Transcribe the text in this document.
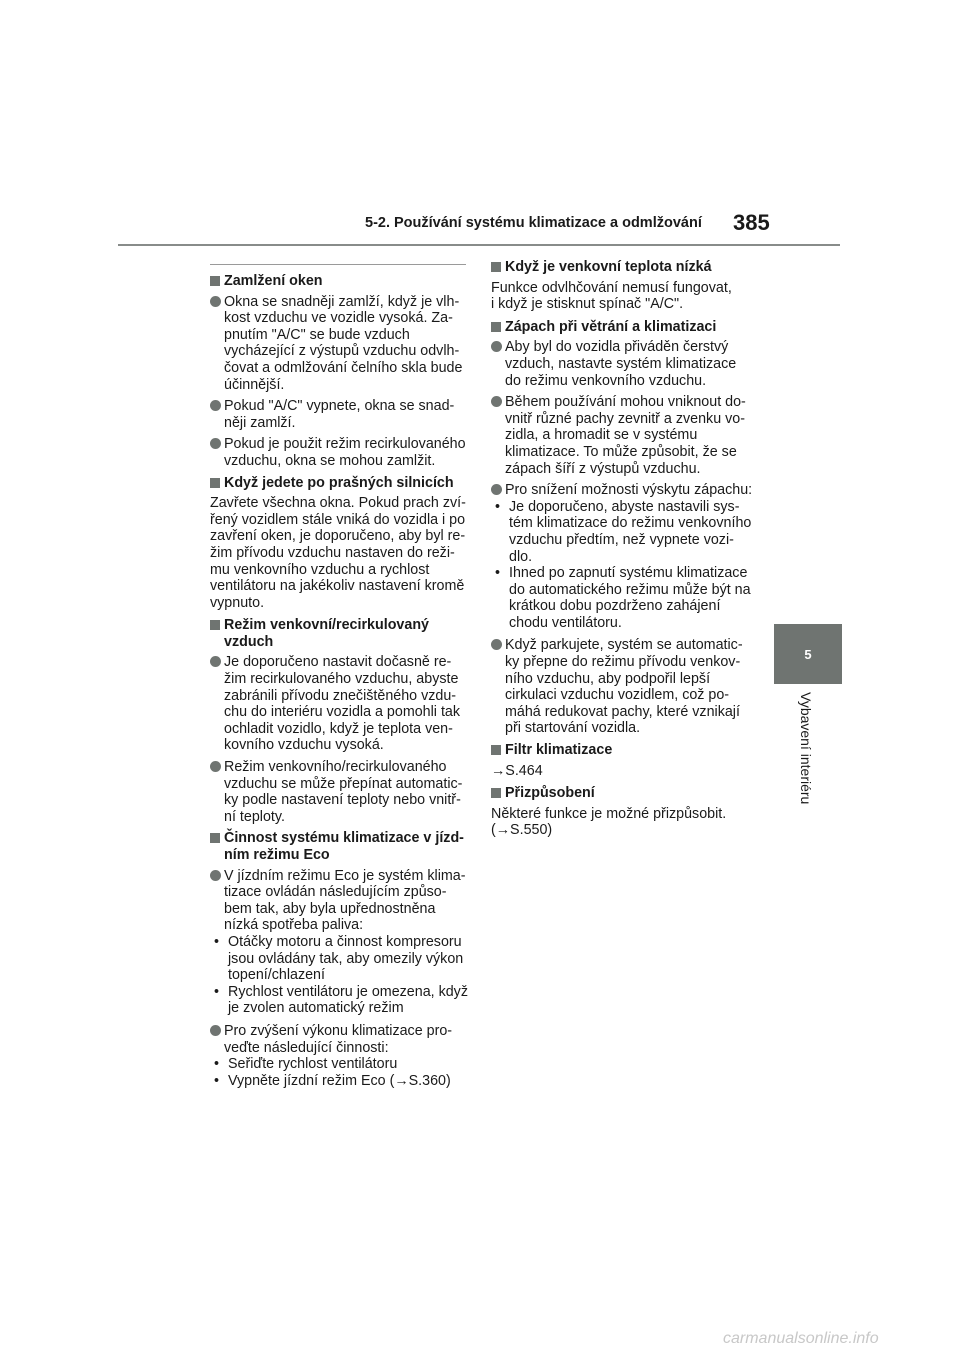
5-2. Používání systému klimatizace a odmlžování 385
Zamlžení oken
Okna se snadněji zamlží, když je vlh-
kost vzduchu ve vozidle vysoká. Za-
pnutím "A/C" se bude vzduch
vycházející z výstupů vzduchu odvlh-
čovat a odmlžování čelního skla bude
účinnější.
Pokud "A/C" vypnete, okna se snad-
něji zamlží.
Pokud je použit režim recirkulovaného
vzduchu, okna se mohou zamlžit.
Když jedete po prašných silnicích
Zavřete všechna okna. Pokud prach zví-
řený vozidlem stále vniká do vozidla i po
zavření oken, je doporučeno, aby byl re-
žim přívodu vzduchu nastaven do reži-
mu venkovního vzduchu a rychlost
ventilátoru na jakékoliv nastavení kromě
vypnuto.
Režim venkovní/recirkulovaný
vzduch
Je doporučeno nastavit dočasně re-
žim recirkulovaného vzduchu, abyste
zabránili přívodu znečištěného vzdu-
chu do interiéru vozidla a pomohli tak
ochladit vozidlo, když je teplota ven-
kovního vzduchu vysoká.
Režim venkovního/recirkulovaného
vzduchu se může přepínat automatic-
ky podle nastavení teploty nebo vnitř-
ní teploty.
Činnost systému klimatizace v jízd-
ním režimu Eco
V jízdním režimu Eco je systém klima-
tizace ovládán následujícím způso-
bem tak, aby byla upřednostněna
nízká spotřeba paliva:
• Otáčky motoru a činnost kompresoru
jsou ovládány tak, aby omezily výkon
topení/chlazení
• Rychlost ventilátoru je omezena, když
je zvolen automatický režim
Pro zvýšení výkonu klimatizace pro-
veďte následující činnosti:
• Seřiďte rychlost ventilátoru
• Vypněte jízdní režim Eco (→S.360)
Když je venkovní teplota nízká
Funkce odvlhčování nemusí fungovat,
i když je stisknut spínač "A/C".
Zápach při větrání a klimatizaci
Aby byl do vozidla přiváděn čerstvý
vzduch, nastavte systém klimatizace
do režimu venkovního vzduchu.
Během používání mohou vniknout do-
vnitř různé pachy zevnitř a zvenku vo-
zidla, a hromadit se v systému
klimatizace. To může způsobit, že se
zápach šíří z výstupů vzduchu.
Pro snížení možnosti výskytu zápachu:
• Je doporučeno, abyste nastavili sys-
tém klimatizace do režimu venkovního
vzduchu předtím, než vypnete vozi-
dlo.
• Ihned po zapnutí systému klimatizace
do automatického režimu může být na
krátkou dobu pozdrženo zahájení
chodu ventilátoru.
Když parkujete, systém se automatic-
ky přepne do režimu přívodu venkov-
ního vzduchu, aby podpořil lepší
cirkulaci vzduchu vozidlem, což po-
máhá redukovat pachy, které vznikají
při startování vozidla.
Filtr klimatizace
→S.464
Přizpůsobení
Některé funkce je možné přizpůsobit.
(→S.550)
5
Vybavení interiéru
carmanualsonline.info
